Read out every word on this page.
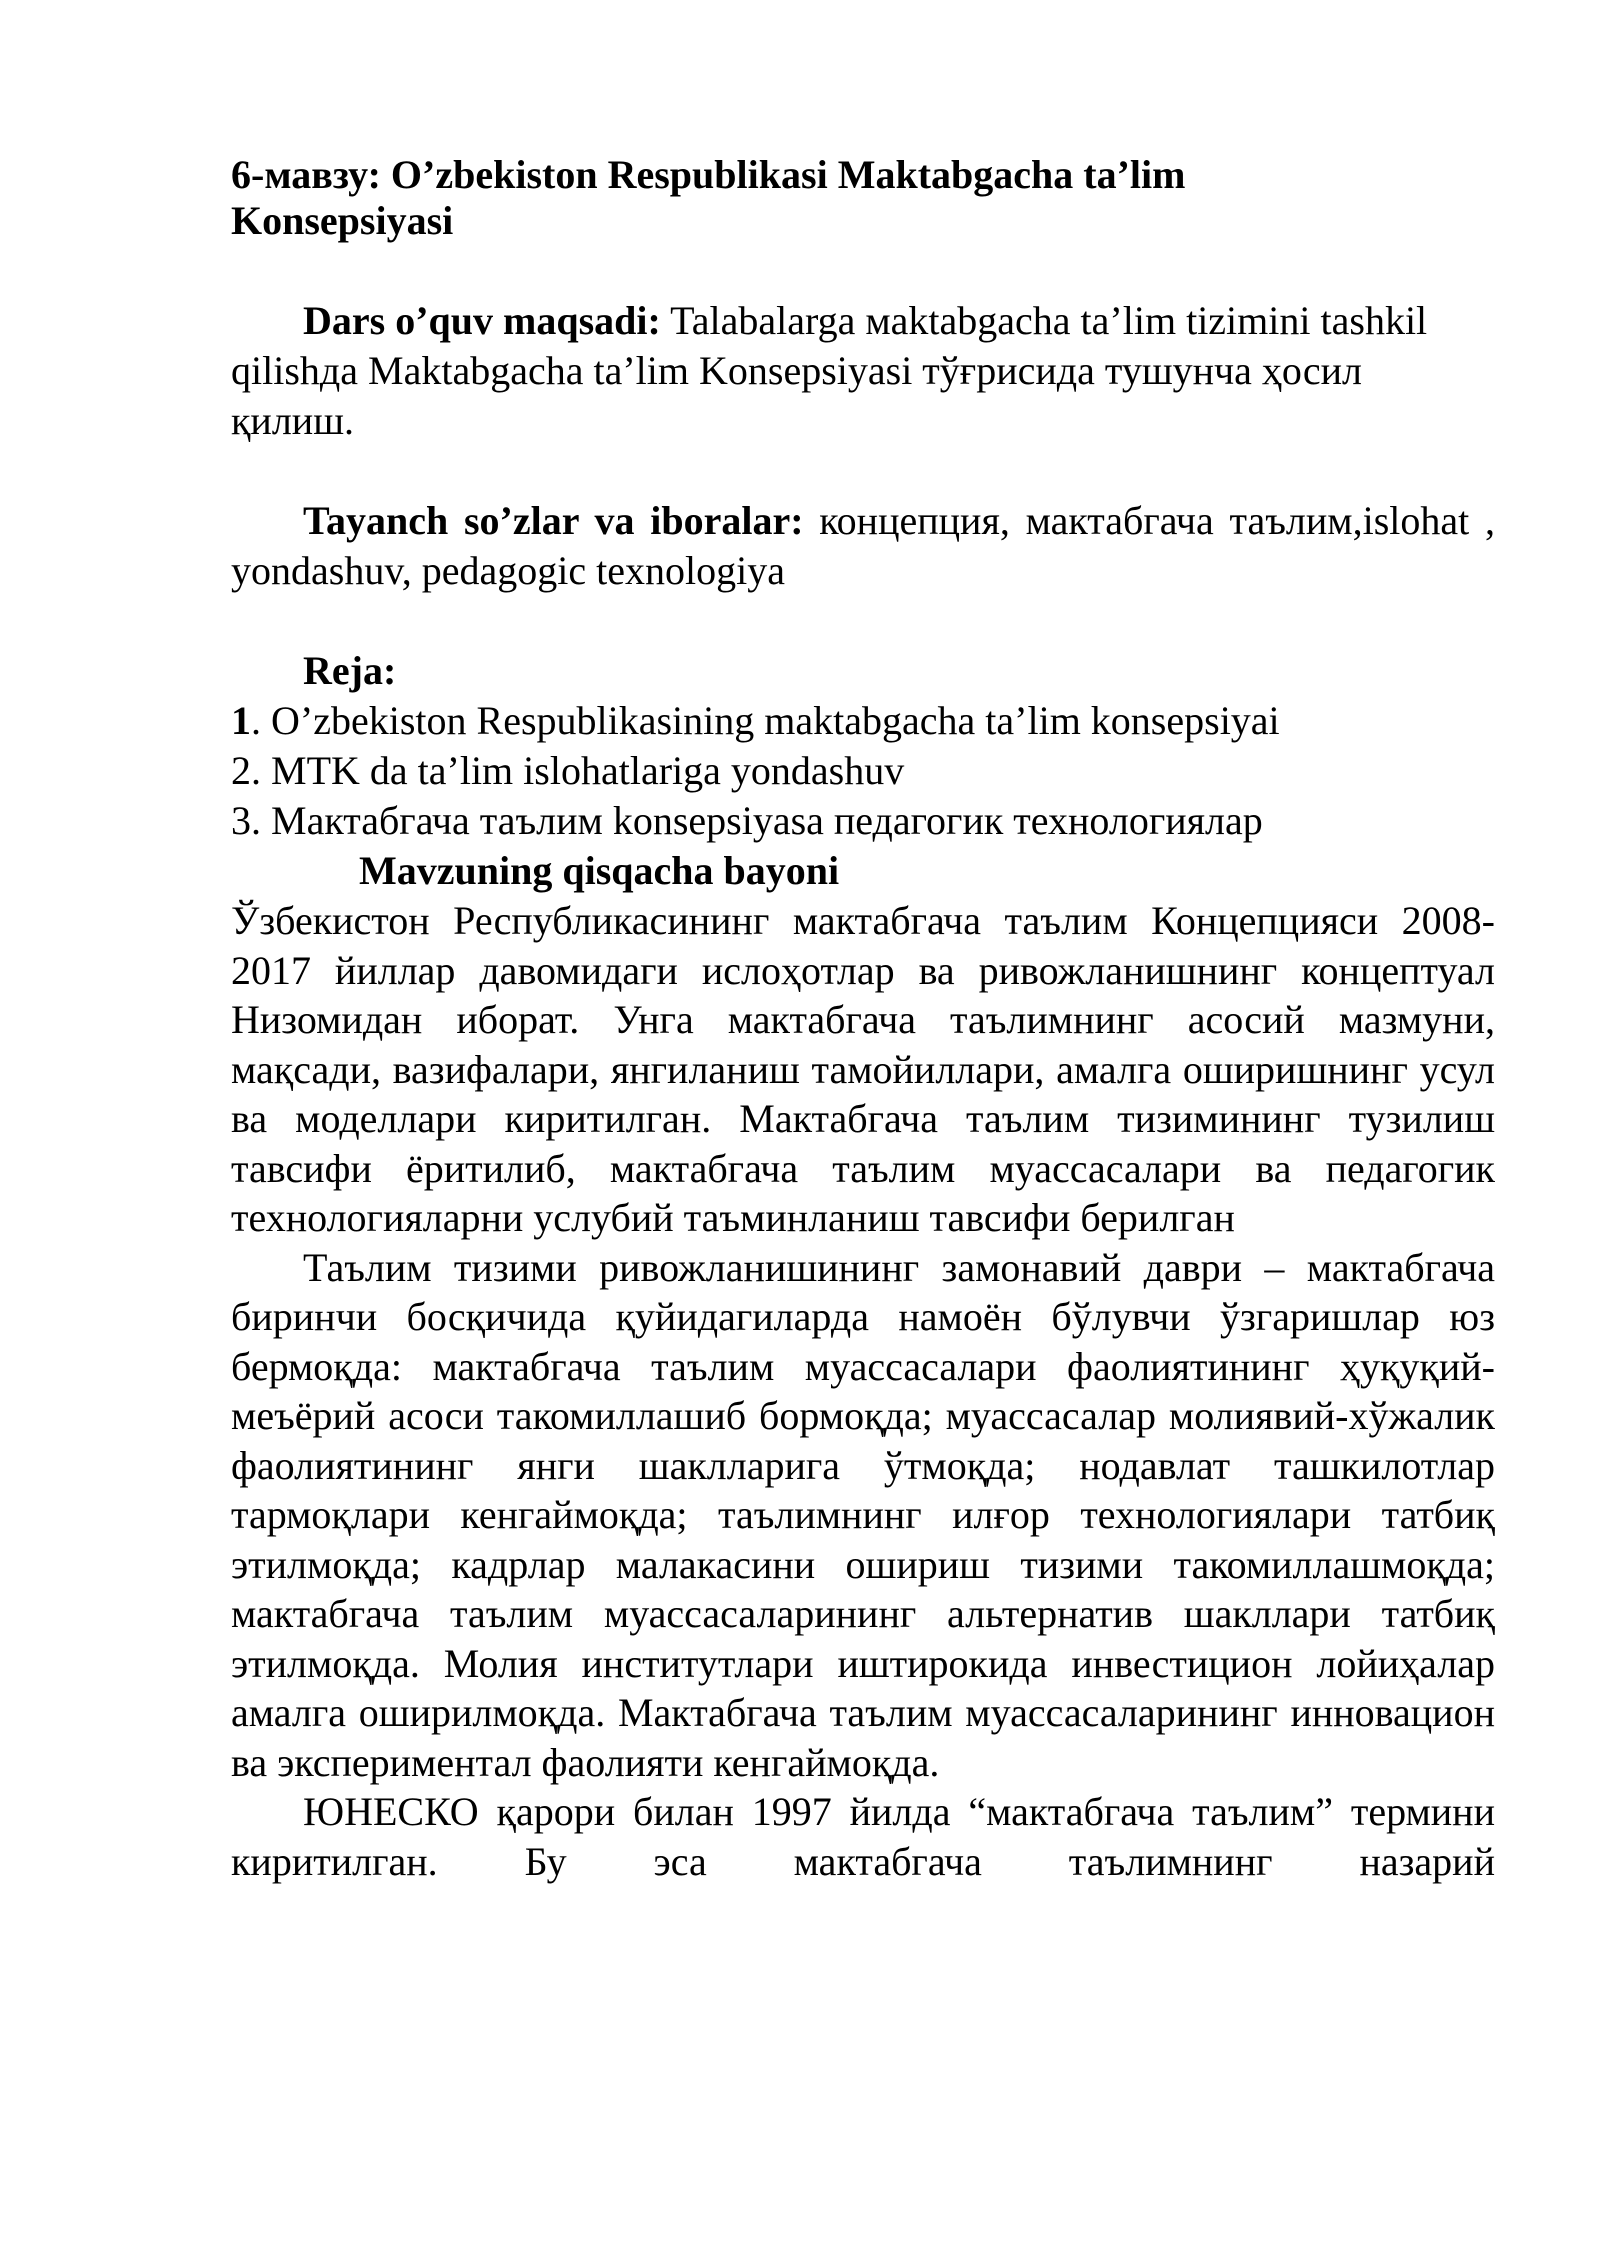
6-мавзу: O’zbekiston Respublikasi Maktabgacha ta’lim
Konsepsiyasi

Dars o’quv maqsadi: Talabalarga мaktabgacha ta’lim tizimini tashkil qilishда Maktabgacha ta’lim Konsepsiyasi тўғрисида тушунча ҳосил қилиш.

Tayanch so’zlar va iboralar: концепция, мактабгача таълим,islohat , yondashuv, pedagogic texnologiya

Reja:

1. O’zbekiston Respublikasining maktabgacha ta’lim konsepsiyai
2. MTK da ta’lim islohatlariga yondashuv
3. Мактабгача таълим konsepsiyasa педагогик технологиялар

Mavzuning qisqacha bayoni

Ўзбекистон Республикасининг мактабгача таълим Концепцияси 2008-2017 йиллар давомидаги ислоҳотлар ва ривожланишнинг концептуал Низомидан иборат. Унга мактабгача таълимнинг асосий мазмуни, мақсади, вазифалари, янгиланиш тамойиллари, амалга оширишнинг усул ва моделлари киритилган. Мактабгача таълим тизимининг тузилиш тавсифи ёритилиб, мактабгача таълим муассасалари ва педагогик технологияларни услубий таъминланиш тавсифи берилган

Таълим тизими ривожланишининг замонавий даври – мактабгача биринчи босқичида қуйидагиларда намоён бўлувчи ўзгаришлар юз бермоқда: мактабгача таълим муассасалари фаолиятининг ҳуқуқий-меъёрий асоси такомиллашиб бормоқда; муассасалар молиявий-хўжалик фаолиятининг янги шаклларига ўтмоқда; нодавлат ташкилотлар тармоқлари кенгаймоқда; таълимнинг илғор технологиялари татбиқ этилмоқда; кадрлар малакасини ошириш тизими такомиллашмоқда; мактабгача таълим муассасаларининг альтернатив шакллари татбиқ этилмоқда. Молия институтлари иштирокида инвестицион лойиҳалар амалга оширилмоқда. Мактабгача таълим муассасаларининг инновацион ва экспериментал фаолияти кенгаймоқда.

ЮНЕСКО қарори билан 1997 йилда “мактабгача таълим” термини киритилган. Бу эса мактабгача таълимнинг назарий
